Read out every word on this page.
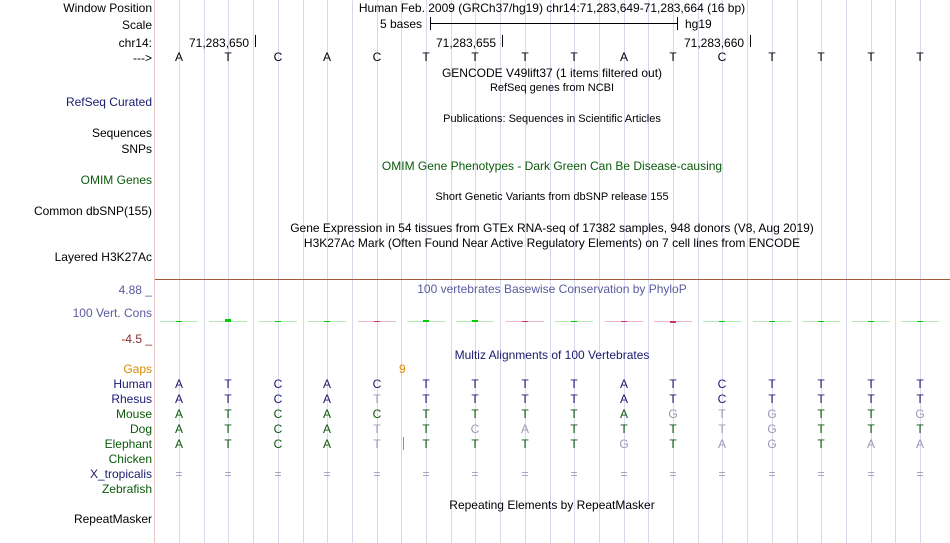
Window Position	Human Feb. 2009 (GRCh37/hg19) chr14:71,283,649-71,283,664 (16 bp)
Scale	5 bases	hg19
chr14:	71,283,650	71,283,655	71,283,660
--->	A	T	C	A	C	T	T	T	T	A	T	C	T	T	T	T
GENCODE V49lift37 (1 items filtered out)
RefSeq genes from NCBI
RefSeq Curated
Publications: Sequences in Scientific Articles
Sequences
SNPs
OMIM Gene Phenotypes - Dark Green Can Be Disease-causing
OMIM Genes
Short Genetic Variants from dbSNP release 155
Common dbSNP(155)
Gene Expression in 54 tissues from GTEx RNA-seq of 17382 samples, 948 donors (V8, Aug 2019)
H3K27Ac Mark (Often Found Near Active Regulatory Elements) on 7 cell lines from ENCODE
Layered H3K27Ac
4.88 _	100 vertebrates Basewise Conservation by PhyloP
100 Vert. Cons
-4.5 _
Multiz Alignments of 100 Vertebrates
Gaps	9
Human	A	T	C	A	C	T	T	T	T	A	T	C	T	T	T	T
Rhesus	A	T	C	A	T	T	T	T	T	A	T	C	T	T	T	T
Mouse	A	T	C	A	C	T	T	T	T	A	G	T	G	T	T	G
Dog	A	T	C	A	T	T	C	A	T	T	T	T	G	T	T	T
Elephant	A	T	C	A	T	T	T	T	T	G	T	A	G	T	A	A
Chicken
X_tropicalis	=	=	=	=	=	=	=	=	=	=	=	=	=	=	=	=
Zebrafish
Repeating Elements by RepeatMasker
RepeatMasker
